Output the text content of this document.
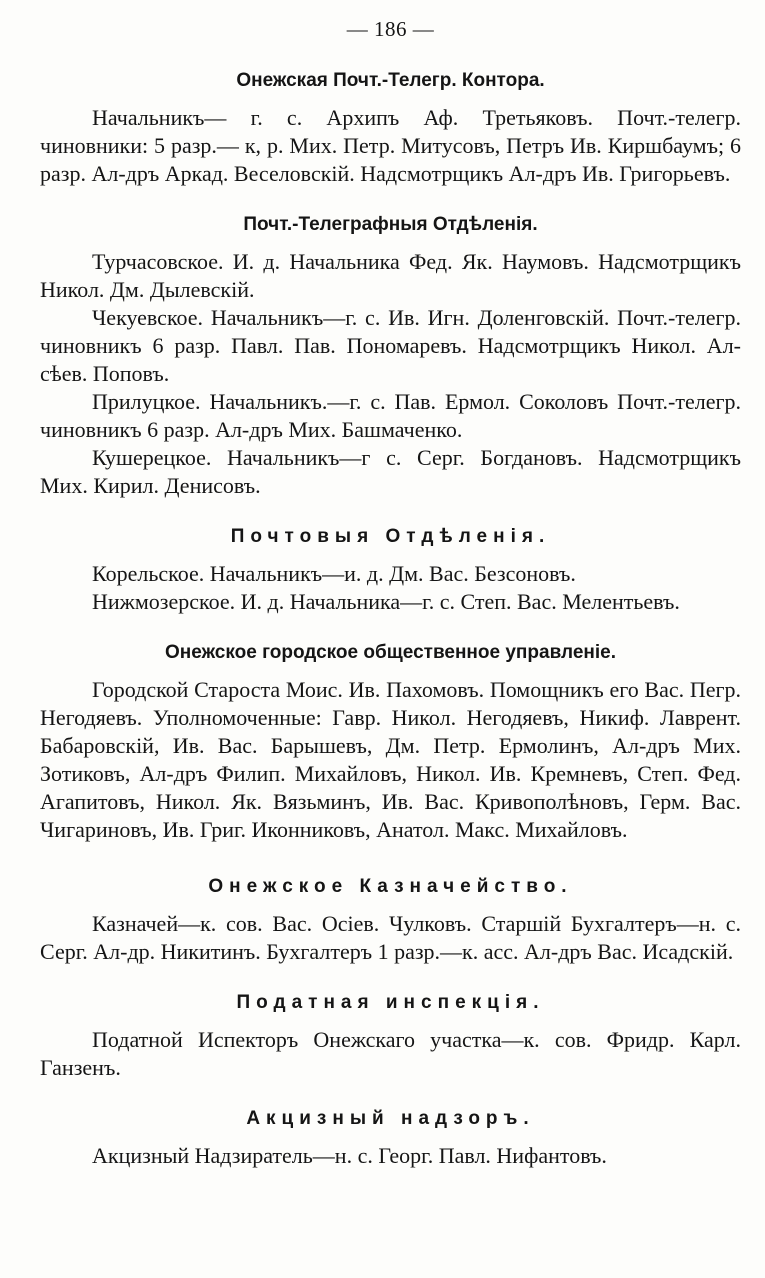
— 186 —
Онежская Почт.-Телегр. Контора.

Начальникъ— г. с. Архипъ Аф. Третьяковъ. Почт.-телегр. чиновники: 5 разр.— к, р. Мих. Петр. Митусовъ, Петръ Ив. Киршбаумъ; 6 разр. Ал-дръ Аркад. Веселовскій. Надсмотрщикъ Ал-дръ Ив. Григорьевъ.

Почт.-Телеграфныя Отдѣленія.

Турчасовское. И. д. Начальника Фед. Як. Наумовъ. Надсмотрщикъ Никол. Дм. Дылевскій.

Чекуевское. Начальникъ—г. с. Ив. Игн. Доленговскій. Почт.-телегр. чиновникъ 6 разр. Павл. Пав. Пономаревъ. Надсмотрщикъ Никол. Ал-сѣев. Поповъ.

Прилуцкое. Начальникъ.—г. с. Пав. Ермол. Соколовъ Почт.-телегр. чиновникъ 6 разр. Ал-дръ Мих. Башмаченко.

Кушерецкое. Начальникъ—г с. Серг. Богдановъ. Надсмотрщикъ Мих. Кирил. Денисовъ.

Почтовыя Отдѣленія.

Корельское. Начальникъ—и. д. Дм. Вас. Безсоновъ.

Нижмозерское. И. д. Начальника—г. с. Степ. Вас. Мелентьевъ.

Онежское городское общественное управленіе.

Городской Староста Моис. Ив. Пахомовъ. Помощникъ его Вас. Пегр. Негодяевъ. Уполномоченные: Гавр. Никол. Негодяевъ, Никиф. Лаврент. Бабаровскій, Ив. Вас. Барышевъ, Дм. Петр. Ермолинъ, Ал-дръ Мих. Зотиковъ, Ал-дръ Филип. Михайловъ, Никол. Ив. Кремневъ, Степ. Фед. Агапитовъ, Никол. Як. Вязьминъ, Ив. Вас. Кривополѣновъ, Герм. Вас. Чигариновъ, Ив. Григ. Иконниковъ, Анатол. Макс. Михайловъ.

Онежское Казначейство.

Казначей—к. сов. Вас. Осіев. Чулковъ. Старшій Бухгалтеръ—н. с. Серг. Ал-др. Никитинъ. Бухгалтеръ 1 разр.—к. асс. Ал-дръ Вас. Исадскій.

Податная инспекція.

Податной Испекторъ Онежскаго участка—к. сов. Фридр. Карл. Ганзенъ.

Акцизный надзоръ.

Акцизный Надзиратель—н. с. Георг. Павл. Нифантовъ.
